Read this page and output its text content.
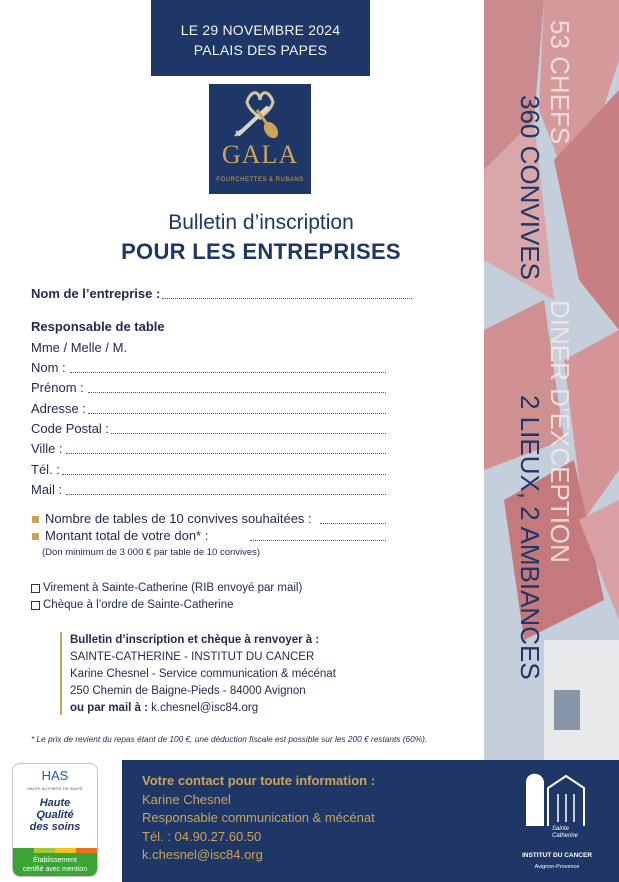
LE 29 NOVEMBRE 2024
PALAIS DES PAPES
GALA
FOURCHETTES & RUBANS
Bulletin d’inscription
POUR LES ENTREPRISES
Nom de l’entreprise :
Responsable de table
Mme / Melle / M.
Nom :
Prénom :
Adresse :
Code Postal :
Ville :
Tél. :
Mail :
Nombre de tables de 10 convives souhaitées :
Montant total de votre don* :
(Don minimum de 3 000 € par table de 10 convives)
Virement à Sainte-Catherine (RIB envoyé par mail)
Chèque à l’ordre de Sainte-Catherine
Bulletin d’inscription et chèque à renvoyer à :
SAINTE-CATHERINE - INSTITUT DU CANCER
Karine Chesnel - Service communication & mécénat
250 Chemin de Baigne-Pieds - 84000 Avignon
ou par mail à : k.chesnel@isc84.org
* Le prix de revient du repas étant de 100 €, une déduction fiscale est possible sur les 200 € restants (60%).
53 CHEFS
DINER D’EXCEPTION
360 CONVIVES
2 LIEUX, 2 AMBIANCES
HAS
HAUTE AUTORITÉ DE SANTÉ
Haute
Qualité
des soins
Établissement
certifié avec mention
Votre contact pour toute information :
Karine Chesnel
Responsable communication & mécénat
Tél. : 04.90.27.60.50
k.chesnel@isc84.org
Sainte
Catherine
INSTITUT DU CANCER
Avignon-Provence
